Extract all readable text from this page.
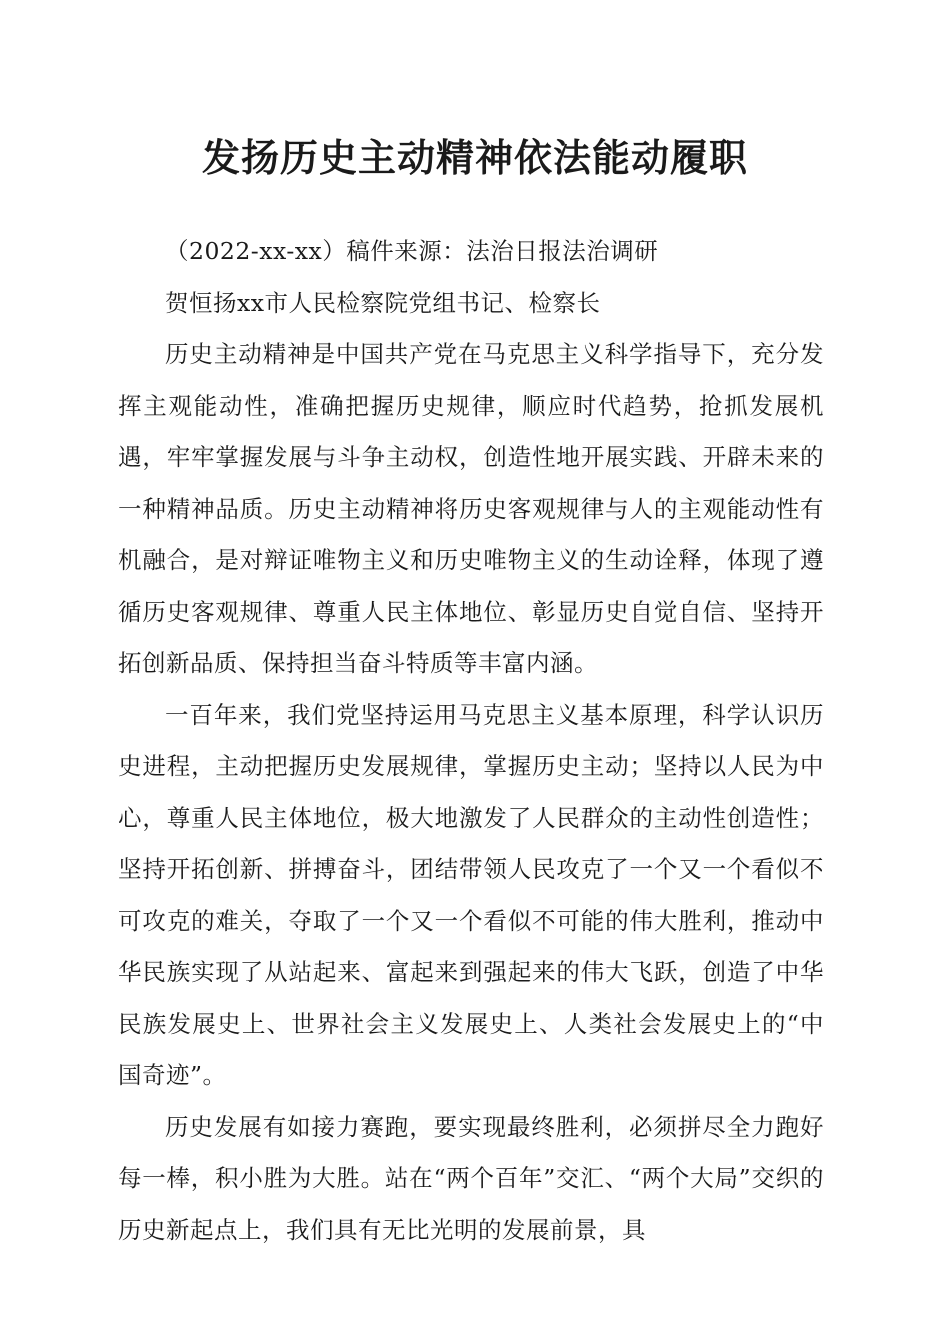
发扬历史主动精神依法能动履职

（2022-xx-xx）稿件来源：法治日报法治调研

贺恒扬xx市人民检察院党组书记、检察长

历史主动精神是中国共产党在马克思主义科学指导下，充分发挥主观能动性，准确把握历史规律，顺应时代趋势，抢抓发展机遇，牢牢掌握发展与斗争主动权，创造性地开展实践、开辟未来的一种精神品质。历史主动精神将历史客观规律与人的主观能动性有机融合，是对辩证唯物主义和历史唯物主义的生动诠释，体现了遵循历史客观规律、尊重人民主体地位、彰显历史自觉自信、坚持开拓创新品质、保持担当奋斗特质等丰富内涵。

一百年来，我们党坚持运用马克思主义基本原理，科学认识历史进程，主动把握历史发展规律，掌握历史主动；坚持以人民为中心，尊重人民主体地位，极大地激发了人民群众的主动性创造性；坚持开拓创新、拼搏奋斗，团结带领人民攻克了一个又一个看似不可攻克的难关，夺取了一个又一个看似不可能的伟大胜利，推动中华民族实现了从站起来、富起来到强起来的伟大飞跃，创造了中华民族发展史上、世界社会主义发展史上、人类社会发展史上的“中国奇迹”。

历史发展有如接力赛跑，要实现最终胜利，必须拼尽全力跑好每一棒，积小胜为大胜。站在“两个百年”交汇、“两个大局”交织的历史新起点上，我们具有无比光明的发展前景，具
